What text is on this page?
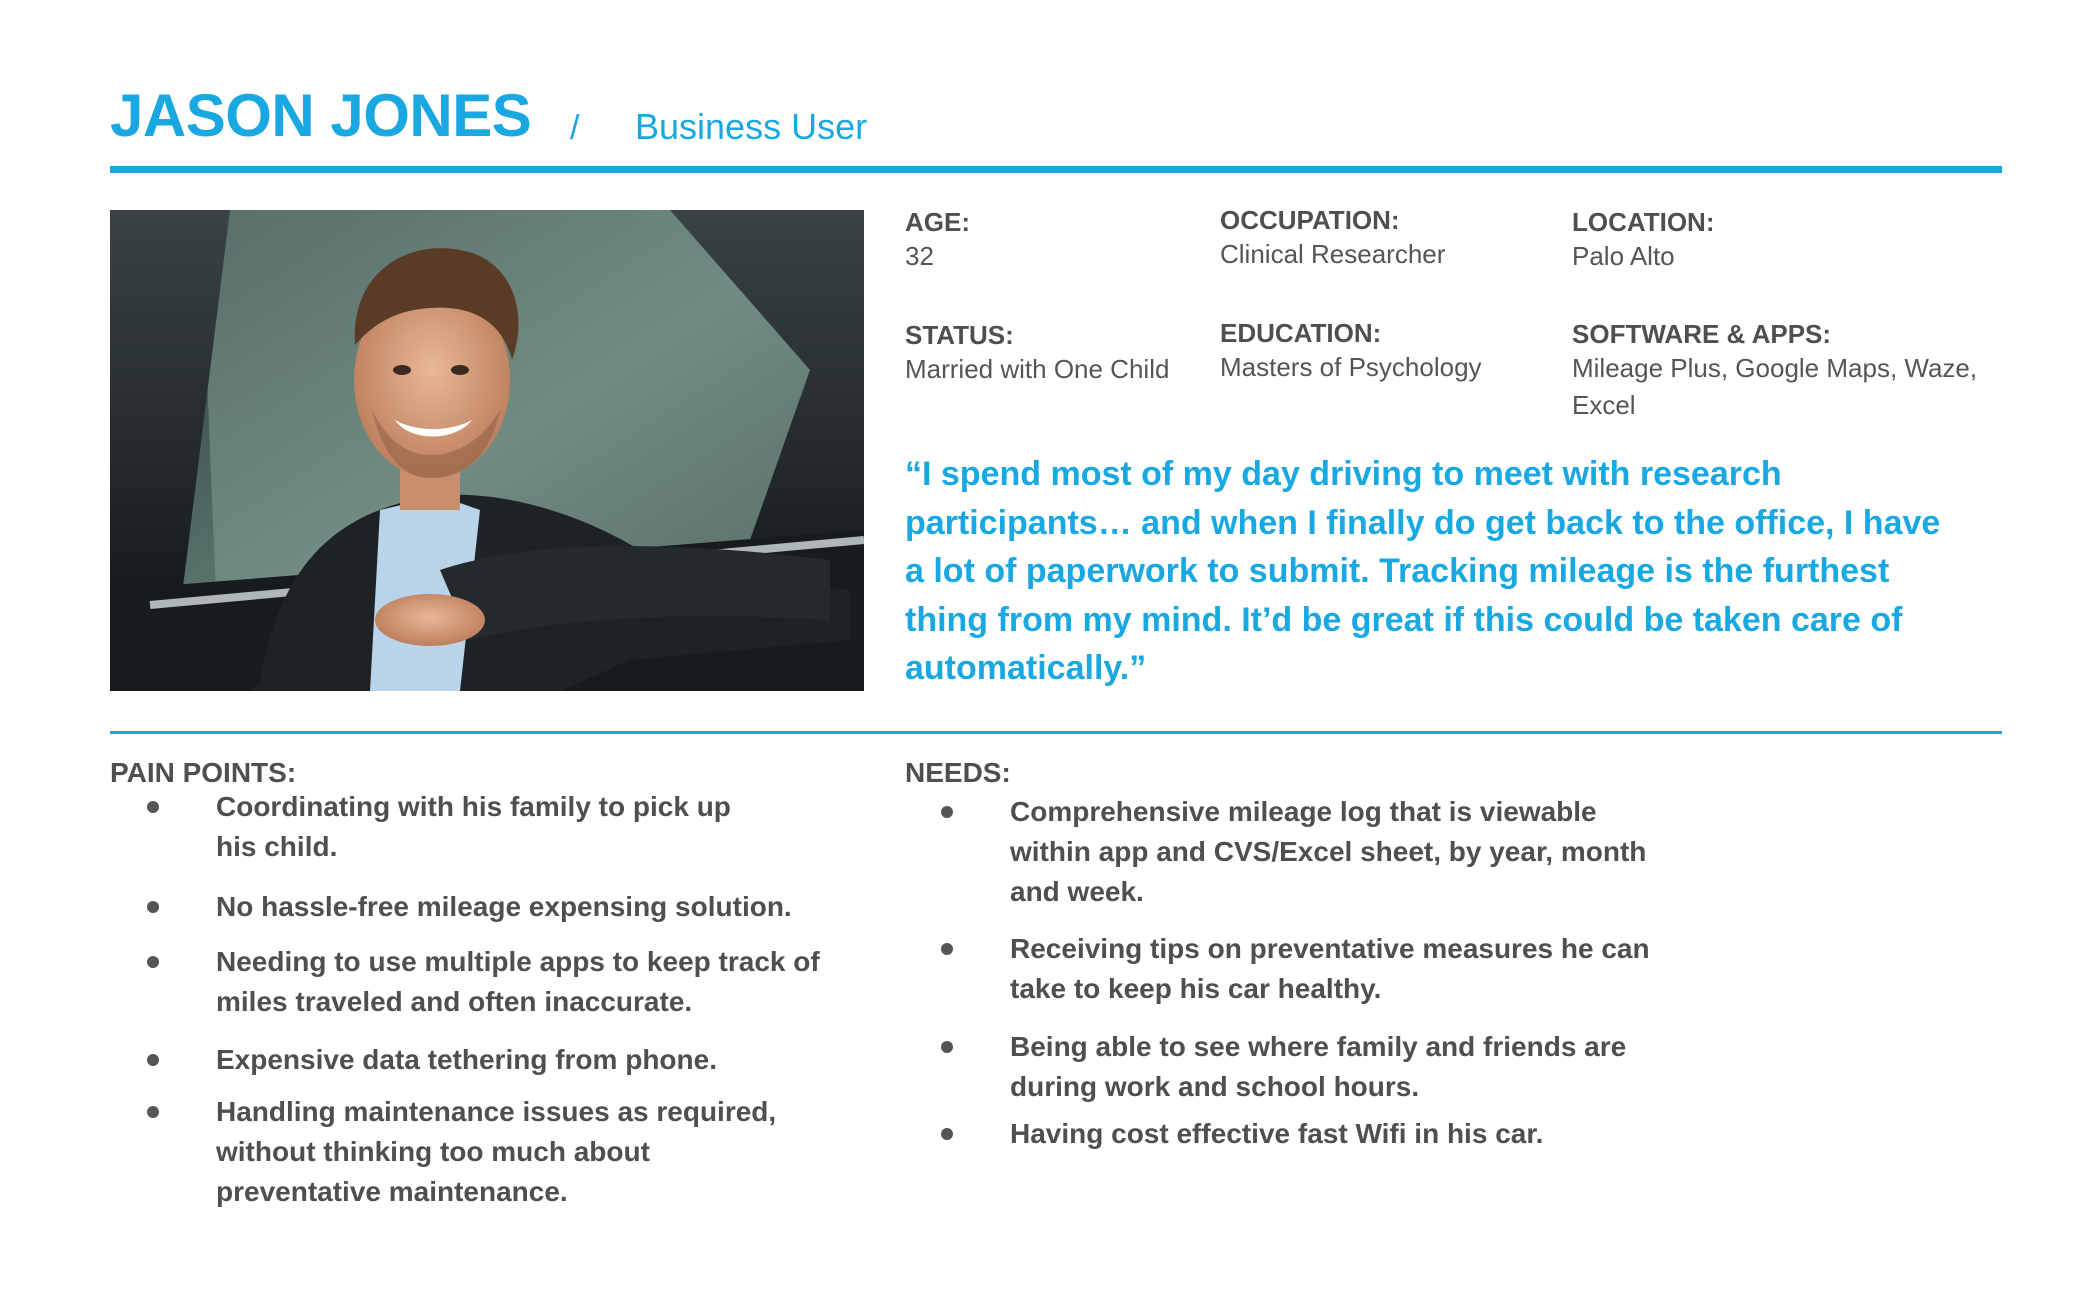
JASON JONES / Business User
AGE:
32
OCCUPATION:
Clinical Researcher
LOCATION:
Palo Alto
STATUS:
Married with One Child
EDUCATION:
Masters of Psychology
SOFTWARE & APPS:
Mileage Plus, Google Maps, Waze, Excel
“I spend most of my day driving to meet with research participants… and when I finally do get back to the office, I have a lot of paperwork to submit. Tracking mileage is the furthest thing from my mind. It’d be great if this could be taken care of automatically.”
PAIN POINTS:
Coordinating with his family to pick up his child.
No hassle-free mileage expensing solution.
Needing to use multiple apps to keep track of miles traveled and often inaccurate.
Expensive data tethering from phone.
Handling maintenance issues as required, without thinking too much about preventative maintenance.
NEEDS:
Comprehensive mileage log that is viewable within app and CVS/Excel sheet, by year, month and week.
Receiving tips on preventative measures he can take to keep his car healthy.
Being able to see where family and friends are during work and school hours.
Having cost effective fast Wifi in his car.
